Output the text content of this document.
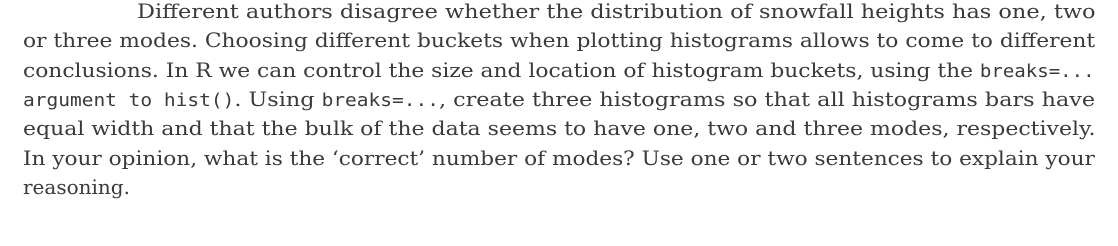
Different authors disagree whether the distribution of snowfall heights has one, two
or three modes. Choosing different buckets when plotting histograms allows to come to different
conclusions. In R we can control the size and location of histogram buckets, using the breaks=...
argument to hist(). Using breaks=..., create three histograms so that all histograms bars have
equal width and that the bulk of the data seems to have one, two and three modes, respectively.
In your opinion, what is the ‘correct’ number of modes? Use one or two sentences to explain your
reasoning.
